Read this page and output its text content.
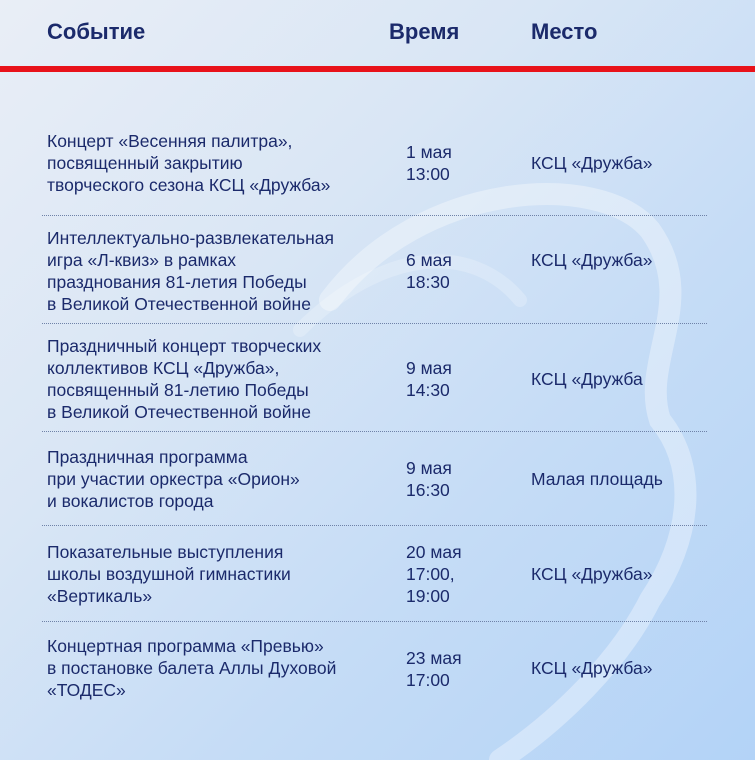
Событие	Время	Место
Концерт «Весенняя палитра»,
посвященный закрытию
творческого сезона КСЦ «Дружба»
1 мая
13:00
КСЦ «Дружба»
Интеллектуально-развлекательная
игра «Л-квиз» в рамках
празднования 81-летия Победы
в Великой Отечественной войне
6 мая
18:30
КСЦ «Дружба»
Праздничный концерт творческих
коллективов КСЦ «Дружба»,
посвященный 81-летию Победы
в Великой Отечественной войне
9 мая
14:30
КСЦ «Дружба
Праздничная программа
при участии оркестра «Орион»
и вокалистов города
9 мая
16:30
Малая площадь
Показательные выступления
школы воздушной гимнастики
«Вертикаль»
20 мая
17:00,
19:00
КСЦ «Дружба»
Концертная программа «Превью»
в постановке балета Аллы Духовой
«ТОДЕС»
23 мая
17:00
КСЦ «Дружба»
